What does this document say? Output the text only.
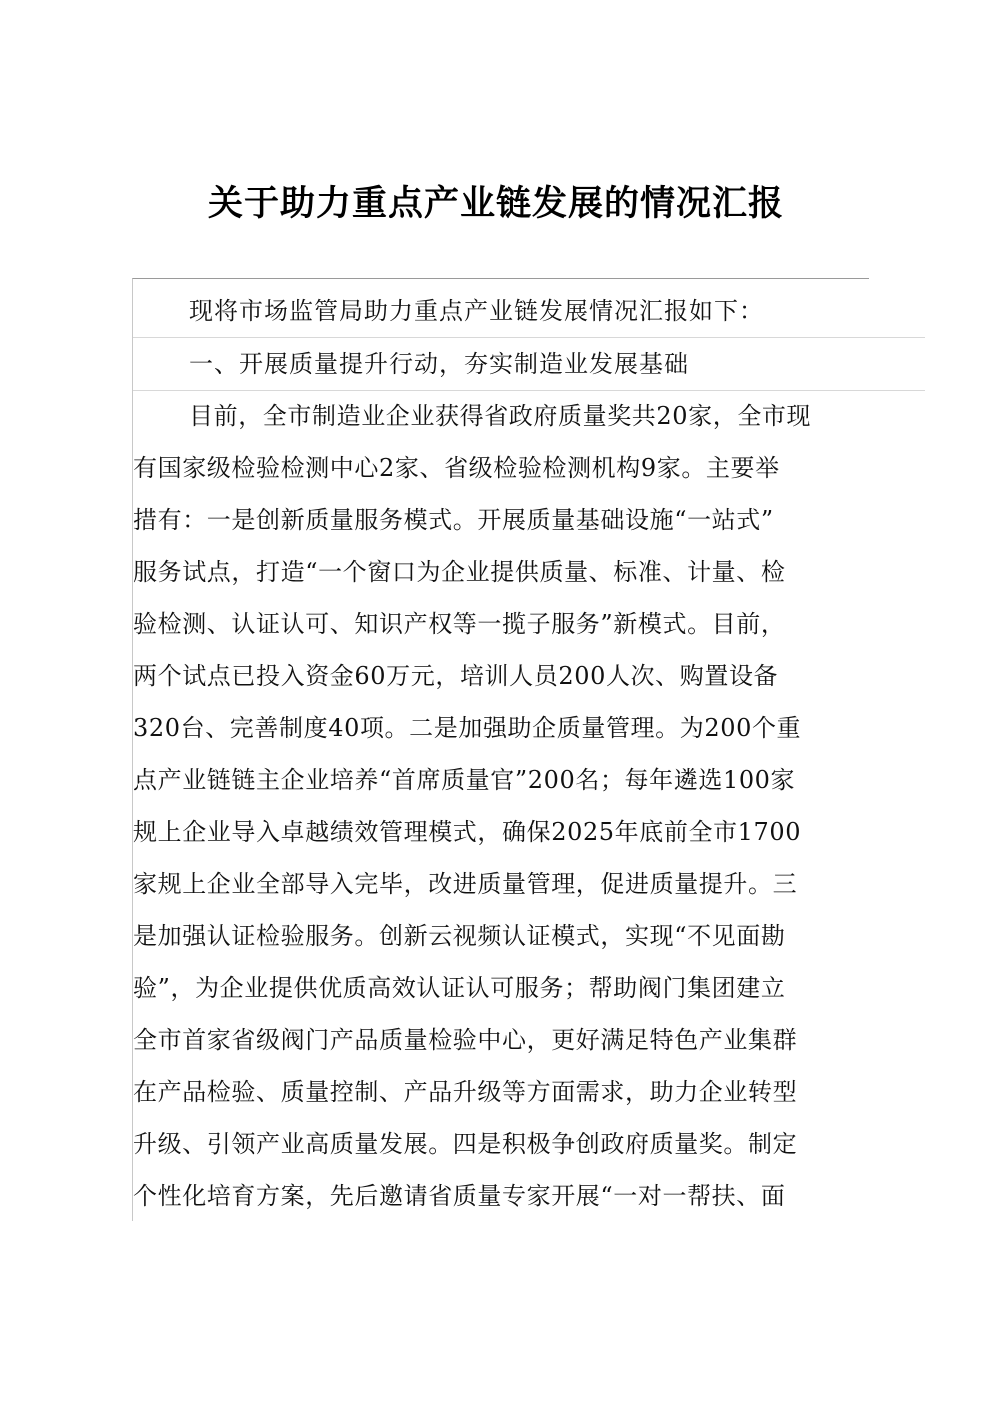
关于助力重点产业链发展的情况汇报
现将市场监管局助力重点产业链发展情况汇报如下：
一、开展质量提升行动，夯实制造业发展基础
目前，全市制造业企业获得省政府质量奖共20家，全市现
有国家级检验检测中心2家、省级检验检测机构9家。主要举
措有：一是创新质量服务模式。开展质量基础设施“一站式”
服务试点，打造“一个窗口为企业提供质量、标准、计量、检
验检测、认证认可、知识产权等一揽子服务”新模式。目前，
两个试点已投入资金60万元，培训人员200人次、购置设备
320台、完善制度40项。二是加强助企质量管理。为200个重
点产业链链主企业培养“首席质量官”200名；每年遴选100家
规上企业导入卓越绩效管理模式，确保2025年底前全市1700
家规上企业全部导入完毕，改进质量管理，促进质量提升。三
是加强认证检验服务。创新云视频认证模式，实现“不见面勘
验”，为企业提供优质高效认证认可服务；帮助阀门集团建立
全市首家省级阀门产品质量检验中心，更好满足特色产业集群
在产品检验、质量控制、产品升级等方面需求，助力企业转型
升级、引领产业高质量发展。四是积极争创政府质量奖。制定
个性化培育方案，先后邀请省质量专家开展“一对一帮扶、面
